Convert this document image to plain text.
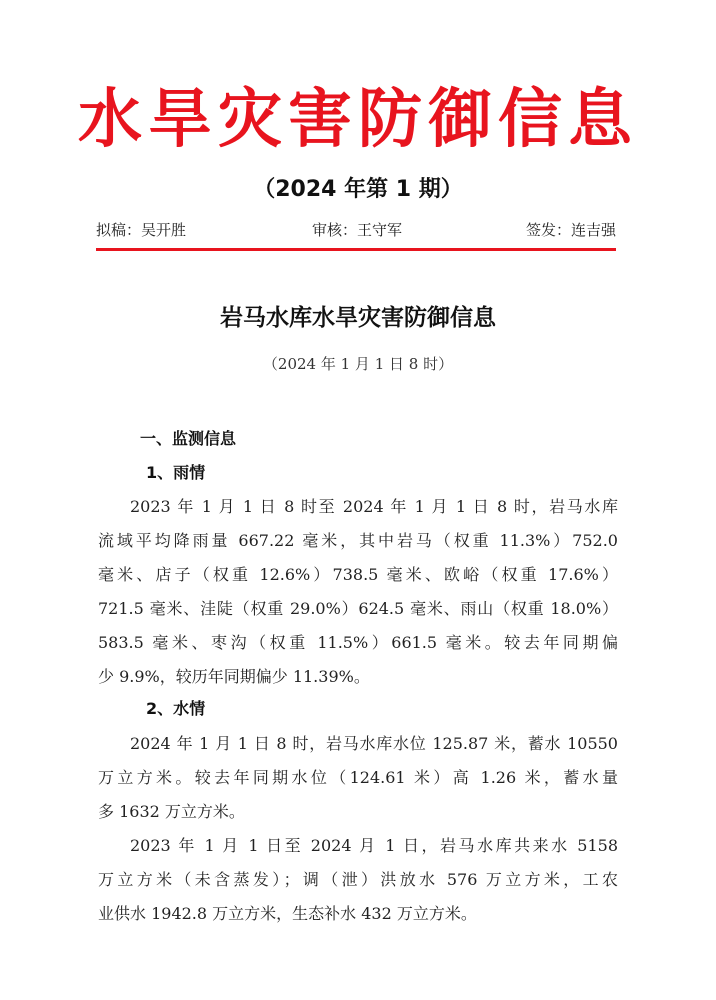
水旱灾害防御信息
（2024 年第 1 期）
拟稿：吴开胜	审核：王守军	签发：连吉强
岩马水库水旱灾害防御信息
（2024 年 1 月 1 日 8 时）
一、监测信息
1、雨情
2023 年 1 月 1 日 8 时至 2024 年 1 月 1 日 8 时，岩马水库
流域平均降雨量 667.22 毫米，其中岩马（权重 11.3%）752.0
毫米、店子（权重 12.6%）738.5 毫米、欧峪（权重 17.6%）
721.5 毫米、洼陡（权重 29.0%）624.5 毫米、雨山（权重 18.0%）
583.5 毫米、枣沟（权重 11.5%）661.5 毫米。较去年同期偏
少 9.9%，较历年同期偏少 11.39%。
2、水情
2024 年 1 月 1 日 8 时，岩马水库水位 125.87 米，蓄水 10550
万立方米。较去年同期水位（124.61 米）高 1.26 米，蓄水量
多 1632 万立方米。
2023 年 1 月 1 日至 2024 月 1 日，岩马水库共来水 5158
万立方米（未含蒸发）；调（泄）洪放水 576 万立方米，工农
业供水 1942.8 万立方米，生态补水 432 万立方米。
